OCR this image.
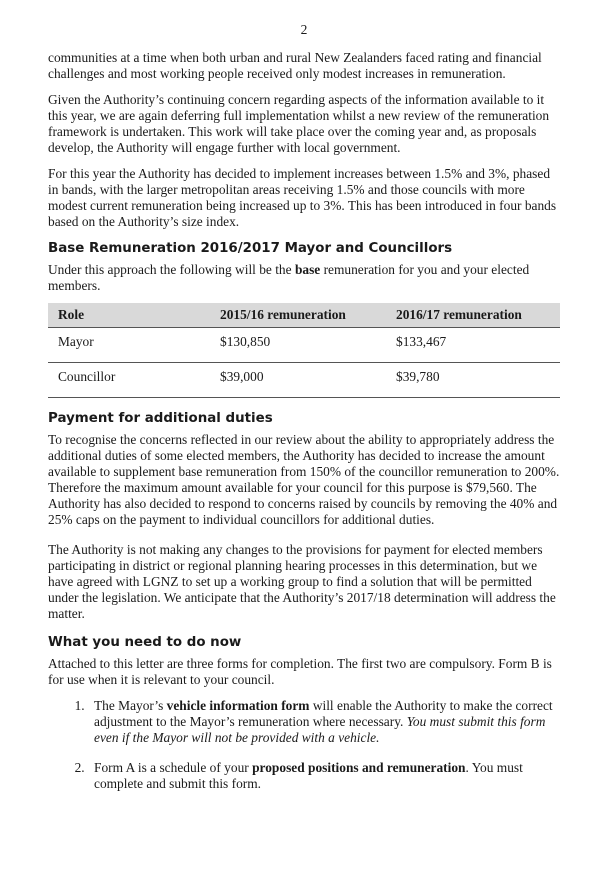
2

communities at a time when both urban and rural New Zealanders faced rating and financial challenges and most working people received only modest increases in remuneration.

Given the Authority’s continuing concern regarding aspects of the information available to it this year, we are again deferring full implementation whilst a new review of the remuneration framework is undertaken. This work will take place over the coming year and, as proposals develop, the Authority will engage further with local government.

For this year the Authority has decided to implement increases between 1.5% and 3%, phased in bands, with the larger metropolitan areas receiving 1.5% and those councils with more modest current remuneration being increased up to 3%. This has been introduced in four bands based on the Authority’s size index.

Base Remuneration 2016/2017 Mayor and Councillors

Under this approach the following will be the base remuneration for you and your elected members.

Role	2015/16 remuneration	2016/17 remuneration
Mayor	$130,850	$133,467
Councillor	$39,000	$39,780
Payment for additional duties

To recognise the concerns reflected in our review about the ability to appropriately address the additional duties of some elected members, the Authority has decided to increase the amount available to supplement base remuneration from 150% of the councillor remuneration to 200%. Therefore the maximum amount available for your council for this purpose is $79,560. The Authority has also decided to respond to concerns raised by councils by removing the 40% and 25% caps on the payment to individual councillors for additional duties.

The Authority is not making any changes to the provisions for payment for elected members participating in district or regional planning hearing processes in this determination, but we have agreed with LGNZ to set up a working group to find a solution that will be permitted under the legislation. We anticipate that the Authority’s 2017/18 determination will address the matter.

What you need to do now

Attached to this letter are three forms for completion. The first two are compulsory. Form B is for use when it is relevant to your council.

1. The Mayor’s vehicle information form will enable the Authority to make the correct adjustment to the Mayor’s remuneration where necessary. You must submit this form even if the Mayor will not be provided with a vehicle.
2. Form A is a schedule of your proposed positions and remuneration. You must complete and submit this form.
